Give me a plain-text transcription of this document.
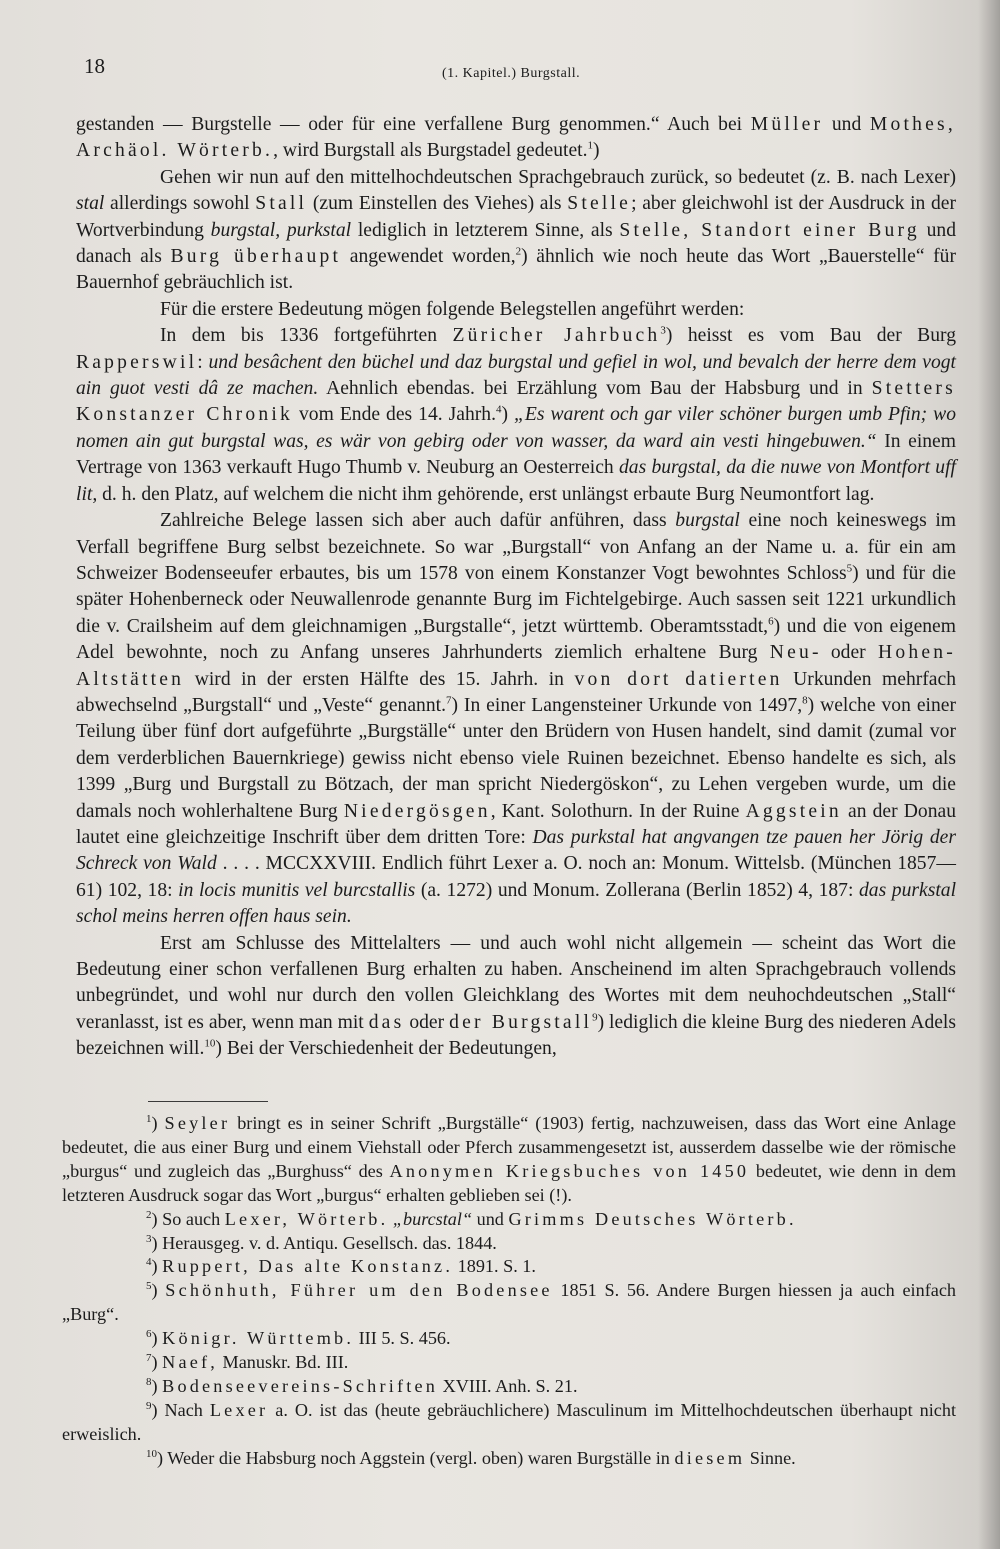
18	(1. Kapitel.) Burgstall.

gestanden — Burgstelle — oder für eine verfallene Burg genommen.“ Auch bei Müller und Mothes, Archäol. Wörterb., wird Burgstall als Burgstadel gedeutet.$^1$)

Gehen wir nun auf den mittelhochdeutschen Sprachgebrauch zurück, so bedeutet (z. B. nach Lexer) stal allerdings sowohl Stall (zum Einstellen des Viehes) als Stelle; aber gleichwohl ist der Ausdruck in der Wortverbindung burgstal, purkstal lediglich in letzterem Sinne, als Stelle, Standort einer Burg und danach als Burg überhaupt angewendet worden,$^2$) ähnlich wie noch heute das Wort „Bauerstelle“ für Bauernhof gebräuchlich ist.

Für die erstere Bedeutung mögen folgende Belegstellen angeführt werden:

In dem bis 1336 fortgeführten Züricher Jahrbuch$^3$) heisst es vom Bau der Burg Rapperswil: und besâchent den büchel und daz burgstal und gefiel in wol, und bevalch der herre dem vogt ain guot vesti dâ ze machen. Aehnlich ebendas. bei Erzählung vom Bau der Habsburg und in Stetters Konstanzer Chronik vom Ende des 14. Jahrh.$^4$) „Es warent och gar viler schöner burgen umb Pfin; wo nomen ain gut burgstal was, es wär von gebirg oder von wasser, da ward ain vesti hingebuwen.“ In einem Vertrage von 1363 verkauft Hugo Thumb v. Neuburg an Oesterreich das burgstal, da die nuwe von Montfort uff lit, d. h. den Platz, auf welchem die nicht ihm gehörende, erst unlängst erbaute Burg Neumontfort lag.

Zahlreiche Belege lassen sich aber auch dafür anführen, dass burgstal eine noch keineswegs im Verfall begriffene Burg selbst bezeichnete. So war „Burgstall“ von Anfang an der Name u. a. für ein am Schweizer Bodenseeufer erbautes, bis um 1578 von einem Konstanzer Vogt bewohntes Schloss$^5$) und für die später Hohenberneck oder Neuwallenrode genannte Burg im Fichtelgebirge. Auch sassen seit 1221 urkundlich die v. Crailsheim auf dem gleichnamigen „Burgstalle“, jetzt württemb. Oberamtsstadt,$^6$) und die von eigenem Adel bewohnte, noch zu Anfang unseres Jahrhunderts ziemlich erhaltene Burg Neu- oder Hohen-Altstätten wird in der ersten Hälfte des 15. Jahrh. in von dort datierten Urkunden mehrfach abwechselnd „Burgstall“ und „Veste“ genannt.$^7$) In einer Langensteiner Urkunde von 1497,$^8$) welche von einer Teilung über fünf dort aufgeführte „Burgställe“ unter den Brüdern von Husen handelt, sind damit (zumal vor dem verderblichen Bauernkriege) gewiss nicht ebenso viele Ruinen bezeichnet. Ebenso handelte es sich, als 1399 „Burg und Burgstall zu Bötzach, der man spricht Niedergöskon“, zu Lehen vergeben wurde, um die damals noch wohlerhaltene Burg Niedergösgen, Kant. Solothurn. In der Ruine Aggstein an der Donau lautet eine gleichzeitige Inschrift über dem dritten Tore: Das purkstal hat angvangen tze pauen her Jörig der Schreck von Wald . . . . MCCXXVIII. Endlich führt Lexer a. O. noch an: Monum. Wittelsb. (München 1857—61) 102, 18: in locis munitis vel burcstallis (a. 1272) und Monum. Zollerana (Berlin 1852) 4, 187: das purkstal schol meins herren offen haus sein.

Erst am Schlusse des Mittelalters — und auch wohl nicht allgemein — scheint das Wort die Bedeutung einer schon verfallenen Burg erhalten zu haben. Anscheinend im alten Sprachgebrauch vollends unbegründet, und wohl nur durch den vollen Gleichklang des Wortes mit dem neuhochdeutschen „Stall“ veranlasst, ist es aber, wenn man mit das oder der Burgstall$^9$) lediglich die kleine Burg des niederen Adels bezeichnen will.$^{10}$) Bei der Verschiedenheit der Bedeutungen,

$^1$) Seyler bringt es in seiner Schrift „Burgställe“ (1903) fertig, nachzuweisen, dass das Wort eine Anlage bedeutet, die aus einer Burg und einem Viehstall oder Pferch zusammengesetzt ist, ausserdem dasselbe wie der römische „burgus“ und zugleich das „Burghuss“ des Anonymen Kriegsbuches von 1450 bedeutet, wie denn in dem letzteren Ausdruck sogar das Wort „burgus“ erhalten geblieben sei (!).

$^2$) So auch Lexer, Wörterb. „burcstal“ und Grimms Deutsches Wörterb.

$^3$) Herausgeg. v. d. Antiqu. Gesellsch. das. 1844.

$^4$) Ruppert, Das alte Konstanz. 1891. S. 1.

$^5$) Schönhuth, Führer um den Bodensee 1851 S. 56. Andere Burgen hiessen ja auch einfach „Burg“.

$^6$) Königr. Württemb. III 5. S. 456.

$^7$) Naef, Manuskr. Bd. III.

$^8$) Bodenseevereins-Schriften XVIII. Anh. S. 21.

$^9$) Nach Lexer a. O. ist das (heute gebräuchlichere) Masculinum im Mittelhochdeutschen überhaupt nicht erweislich.

$^{10}$) Weder die Habsburg noch Aggstein (vergl. oben) waren Burgställe in diesem Sinne.
